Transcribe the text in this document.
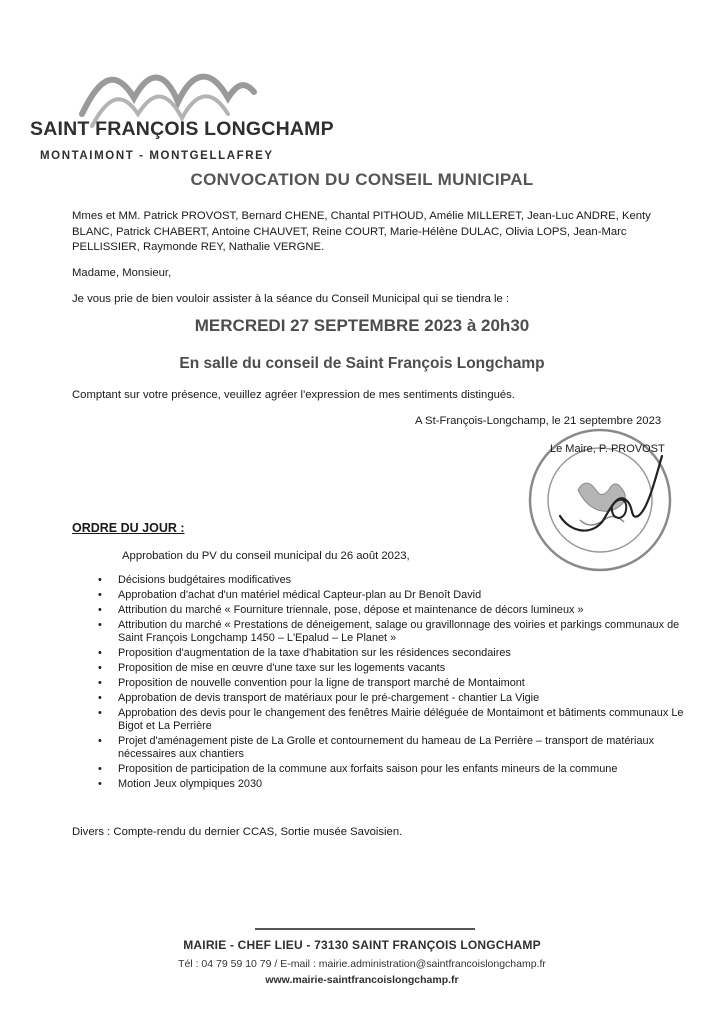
SAINT FRANÇOIS LONGCHAMP
MONTAIMONT - MONTGELLAFREY
CONVOCATION DU CONSEIL MUNICIPAL
Mmes et MM. Patrick PROVOST, Bernard CHENE, Chantal PITHOUD, Amélie MILLERET, Jean-Luc ANDRE, Kenty BLANC, Patrick CHABERT, Antoine CHAUVET, Reine COURT, Marie-Hélène DULAC, Olivia LOPS, Jean-Marc PELLISSIER, Raymonde REY, Nathalie VERGNE.
Madame, Monsieur,
Je vous prie de bien vouloir assister à la séance du Conseil Municipal qui se tiendra le :
MERCREDI 27 SEPTEMBRE 2023 à 20h30
En salle du conseil de Saint François Longchamp
Comptant sur votre présence, veuillez agréer l'expression de mes sentiments distingués.
A St-François-Longchamp, le 21 septembre 2023
Le Maire, P. PROVOST
ORDRE DU JOUR :
Approbation du PV du conseil municipal du 26 août 2023,
• Décisions budgétaires modificatives
• Approbation d'achat d'un matériel médical Capteur-plan au Dr Benoît David
• Attribution du marché « Fourniture triennale, pose, dépose et maintenance de décors lumineux »
• Attribution du marché « Prestations de déneigement, salage ou gravillonnage des voiries et parkings communaux de Saint François Longchamp 1450 – L'Epalud – Le Planet »
• Proposition d'augmentation de la taxe d'habitation sur les résidences secondaires
• Proposition de mise en œuvre d'une taxe sur les logements vacants
• Proposition de nouvelle convention pour la ligne de transport marché de Montaimont
• Approbation de devis transport de matériaux pour le pré-chargement - chantier La Vigie
• Approbation des devis pour le changement des fenêtres Mairie déléguée de Montaimont et bâtiments communaux Le Bigot et La Perrière
• Projet d'aménagement piste de La Grolle et contournement du hameau de La Perrière – transport de matériaux nécessaires aux chantiers
• Proposition de participation de la commune aux forfaits saison pour les enfants mineurs de la commune
• Motion Jeux olympiques 2030
Divers : Compte-rendu du dernier CCAS, Sortie musée Savoisien.
MAIRIE - CHEF LIEU - 73130 SAINT FRANÇOIS LONGCHAMP
Tél : 04 79 59 10 79 / E-mail : mairie.administration@saintfrancoislongchamp.fr
www.mairie-saintfrancoislongchamp.fr
